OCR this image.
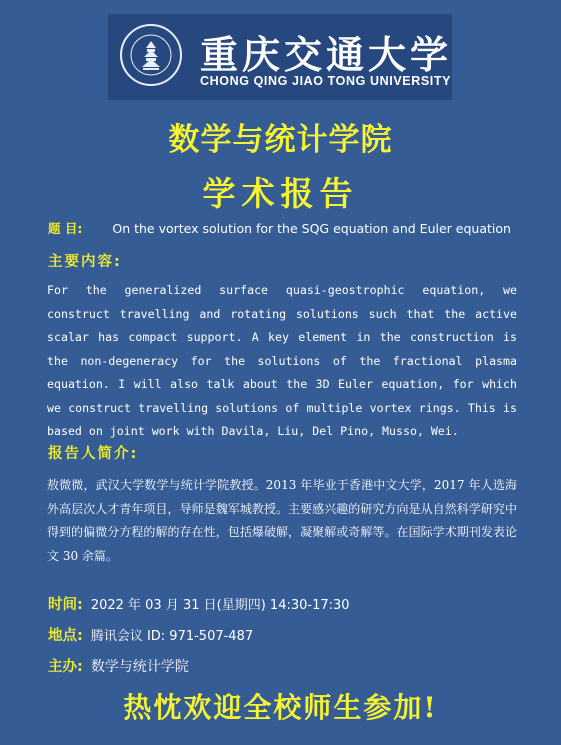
重庆交通大学
CHONG QING JIAO TONG UNIVERSITY
数学与统计学院
学术报告
题 目: On the vortex solution for the SQG equation and Euler equation
主要内容:
For the generalized surface quasi-geostrophic equation, we construct travelling and rotating solutions such that the active scalar has compact support. A key element in the construction is the non-degeneracy for the solutions of the fractional plasma equation. I will also talk about the 3D Euler equation, for which we construct travelling solutions of multiple vortex rings. This is based on joint work with Davila, Liu, Del Pino, Musso, Wei.
报告人简介:
敖微微，武汉大学数学与统计学院教授。2013 年毕业于香港中文大学，2017 年人选海外高层次人才青年项目，导师是魏军城教授。主要感兴趣的研究方向是从自然科学研究中得到的偏微分方程的解的存在性，包括爆破解，凝聚解或奇解等。在国际学术期刊发表论文 30 余篇。
时间: 2022 年 03 月 31 日(星期四) 14:30-17:30
地点: 腾讯会议 ID: 971-507-487
主办: 数学与统计学院
热忱欢迎全校师生参加!
